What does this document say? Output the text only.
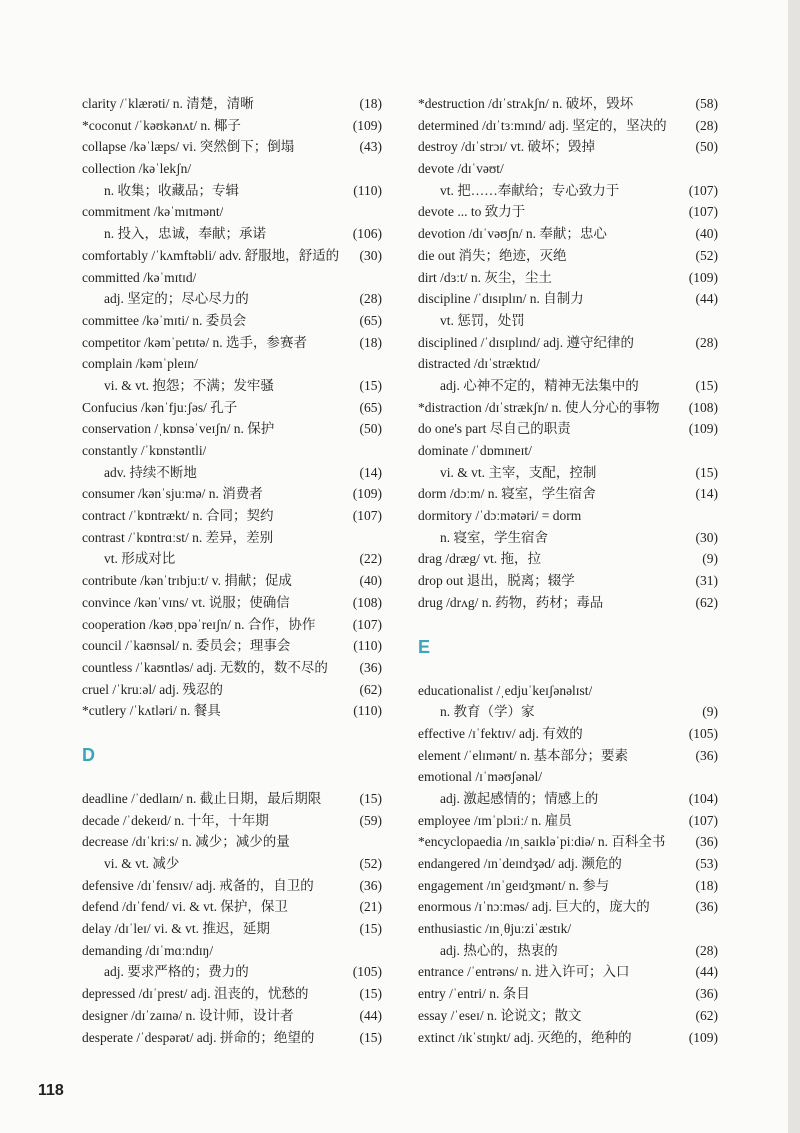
clarity /ˈklærəti/ n. 清楚，清晰	(18)
*coconut /ˈkəʊkənʌt/ n. 椰子	(109)
collapse /kəˈlæps/ vi. 突然倒下；倒塌	(43)
collection /kəˈlekʃn/
n. 收集；收藏品；专辑	(110)
commitment /kəˈmɪtmənt/
n. 投入，忠诚，奉献；承诺	(106)
comfortably /ˈkʌmftəbli/ adv. 舒服地，舒适的 (30)
committed /kəˈmɪtɪd/
adj. 坚定的；尽心尽力的	(28)
committee /kəˈmɪti/ n. 委员会	(65)
competitor /kəmˈpetɪtə/ n. 选手，参赛者	(18)
complain /kəmˈpleɪn/
vi. & vt. 抱怨；不满；发牢骚	(15)
Confucius /kənˈfjuːʃəs/ 孔子	(65)
conservation /ˌkɒnsəˈveɪʃn/ n. 保护	(50)
constantly /ˈkɒnstəntli/
adv. 持续不断地	(14)
consumer /kənˈsjuːmə/ n. 消费者	(109)
contract /ˈkɒntrækt/ n. 合同；契约	(107)
contrast /ˈkɒntrɑːst/ n. 差异，差别
vt. 形成对比	(22)
contribute /kənˈtrɪbjuːt/ v. 捐献；促成	(40)
convince /kənˈvɪns/ vt. 说服；使确信	(108)
cooperation /kəʊˌɒpəˈreɪʃn/ n. 合作，协作	(107)
council /ˈkaʊnsəl/ n. 委员会；理事会	(110)
countless /ˈkaʊntləs/ adj. 无数的，数不尽的 (36)
cruel /ˈkruːəl/ adj. 残忍的	(62)
*cutlery /ˈkʌtləri/ n. 餐具	(110)
D
deadline /ˈdedlaɪn/ n. 截止日期，最后期限	(15)
decade /ˈdekeɪd/ n. 十年，十年期	(59)
decrease /dɪˈkriːs/ n. 减少；减少的量
vi. & vt. 减少	(52)
defensive /dɪˈfensɪv/ adj. 戒备的，自卫的	(36)
defend /dɪˈfend/ vi. & vt. 保护，保卫	(21)
delay /dɪˈleɪ/ vi. & vt. 推迟，延期	(15)
demanding /dɪˈmɑːndɪŋ/
adj. 要求严格的；费力的	(105)
depressed /dɪˈprest/ adj. 沮丧的，忧愁的	(15)
designer /dɪˈzaɪnə/ n. 设计师，设计者	(44)
desperate /ˈdespərət/ adj. 拼命的；绝望的	(15)
*destruction /dɪˈstrʌkʃn/ n. 破坏，毁坏	(58)
determined /dɪˈtɜːmɪnd/ adj. 坚定的，坚决的 (28)
destroy /dɪˈstrɔɪ/ vt. 破坏；毁掉	(50)
devote /dɪˈvəʊt/
vt. 把……奉献给；专心致力于	(107)
devote ... to 致力于	(107)
devotion /dɪˈvəʊʃn/ n. 奉献；忠心	(40)
die out 消失；绝迹，灭绝	(52)
dirt /dɜːt/ n. 灰尘，尘土	(109)
discipline /ˈdɪsɪplɪn/ n. 自制力	(44)
vt. 惩罚，处罚
disciplined /ˈdɪsɪplɪnd/ adj. 遵守纪律的	(28)
distracted /dɪˈstræktɪd/
adj. 心神不定的，精神无法集中的	(15)
*distraction /dɪˈstrækʃn/ n. 使人分心的事物 (108)
do one's part 尽自己的职责	(109)
dominate /ˈdɒmɪneɪt/
vi. & vt. 主宰，支配，控制	(15)
dorm /dɔːm/ n. 寝室，学生宿舍	(14)
dormitory /ˈdɔːmətəri/ = dorm
n. 寝室，学生宿舍	(30)
drag /dræg/ vt. 拖，拉	(9)
drop out 退出，脱离；辍学	(31)
drug /drʌg/ n. 药物，药材；毒品	(62)
E
educationalist /ˌedjuˈkeɪʃənəlɪst/
n. 教育（学）家	(9)
effective /ɪˈfektɪv/ adj. 有效的	(105)
element /ˈelɪmənt/ n. 基本部分；要素	(36)
emotional /ɪˈməʊʃənəl/
adj. 激起感情的；情感上的	(104)
employee /ɪmˈplɔɪiː/ n. 雇员	(107)
*encyclopaedia /ɪnˌsaɪkləˈpiːdiə/ n. 百科全书 (36)
endangered /ɪnˈdeɪndʒəd/ adj. 濒危的	(53)
engagement /ɪnˈgeɪdʒmənt/ n. 参与	(18)
enormous /ɪˈnɔːməs/ adj. 巨大的，庞大的	(36)
enthusiastic /ɪnˌθjuːziˈæstɪk/
adj. 热心的，热衷的	(28)
entrance /ˈentrəns/ n. 进入许可；入口	(44)
entry /ˈentri/ n. 条目	(36)
essay /ˈeseɪ/ n. 论说文；散文	(62)
extinct /ɪkˈstɪŋkt/ adj. 灭绝的，绝种的	(109)
118
